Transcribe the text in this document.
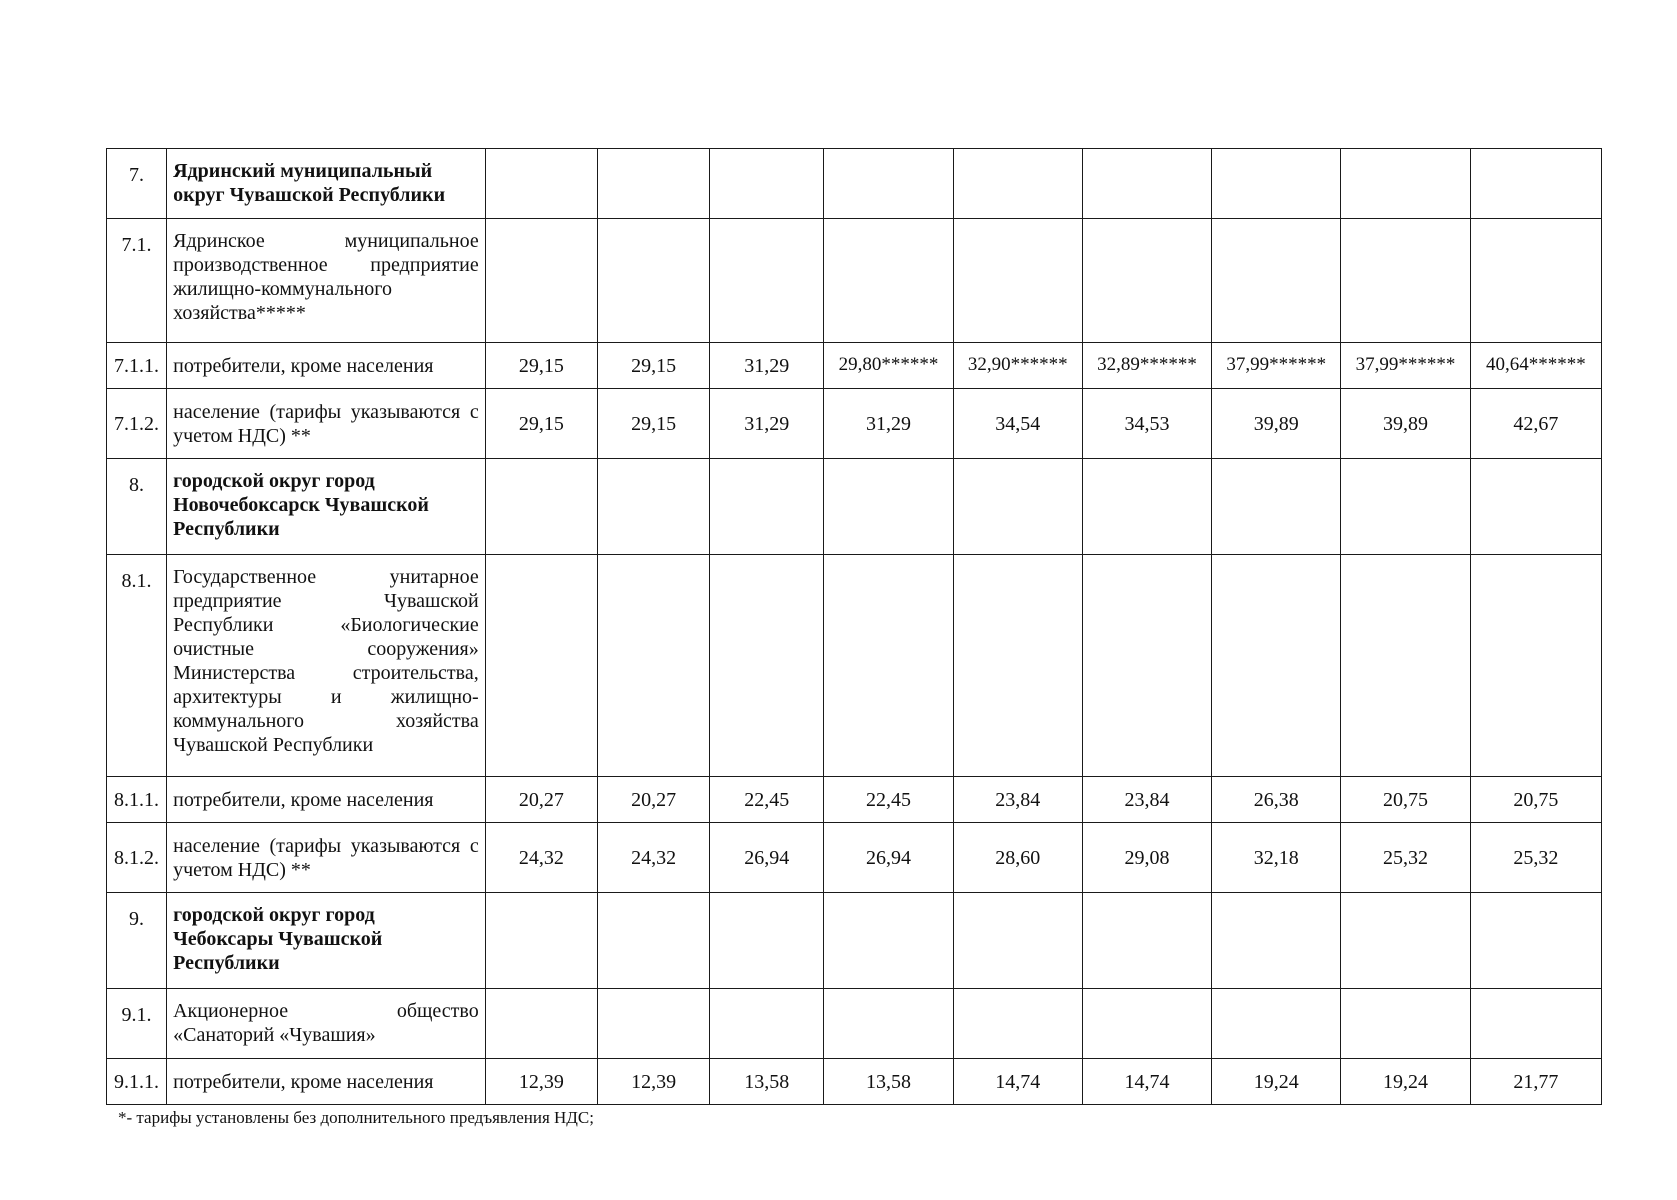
7.	Ядринский муниципальный округ Чувашской Республики									
7.1.	Ядринское муниципальное производственное предприятие жилищно-коммунального хозяйства*****									
7.1.1.	потребители, кроме населения	29,15	29,15	31,29	29,80******	32,90******	32,89******	37,99******	37,99******	40,64******
7.1.2.	население (тарифы указываются с учетом НДС) **	29,15	29,15	31,29	31,29	34,54	34,53	39,89	39,89	42,67
8.	городской округ город Новочебоксарск Чувашской Республики									
8.1.	Государственное унитарное предприятие Чувашской Республики «Биологические очистные сооружения» Министерства строительства, архитектуры и жилищно-коммунального хозяйства Чувашской Республики									
8.1.1.	потребители, кроме населения	20,27	20,27	22,45	22,45	23,84	23,84	26,38	20,75	20,75
8.1.2.	население (тарифы указываются с учетом НДС) **	24,32	24,32	26,94	26,94	28,60	29,08	32,18	25,32	25,32
9.	городской округ город Чебоксары Чувашской Республики									
9.1.	Акционерное общество «Санаторий «Чувашия»									
9.1.1.	потребители, кроме населения	12,39	12,39	13,58	13,58	14,74	14,74	19,24	19,24	21,77
*- тарифы установлены без дополнительного предъявления НДС;
